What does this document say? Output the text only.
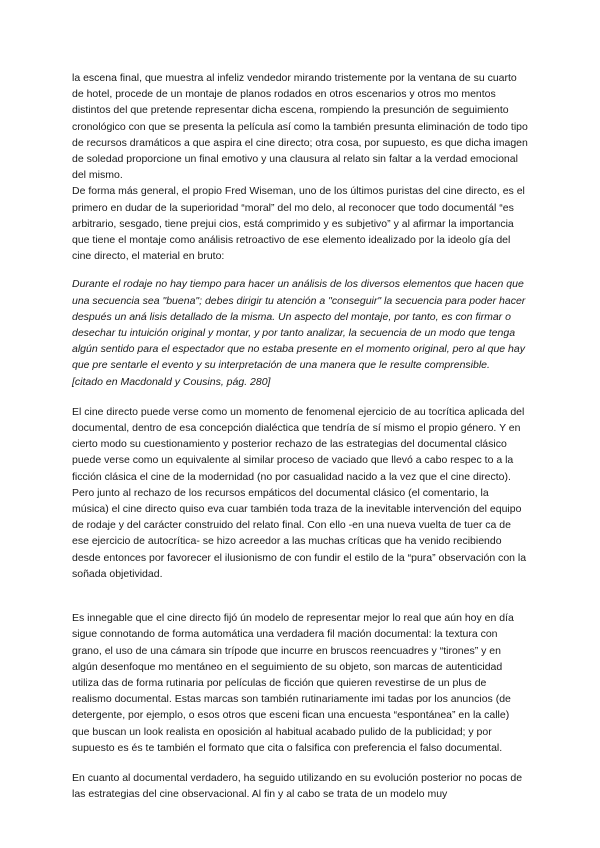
la escena final, que muestra al infeliz vendedor mirando tristemente por la ventana de su cuarto de hotel, procede de un montaje de planos rodados en otros escenarios y otros mo mentos distintos del que pretende representar dicha escena, rompiendo la presunción de seguimiento cronológico con que se presenta la película así como la también presunta eliminación de todo tipo de recursos dramáticos a que aspira el cine directo; otra cosa, por supuesto, es que dicha imagen de soledad proporcione un final emotivo y una clausura al relato sin faltar a la verdad emocional del mismo.

De forma más general, el propio Fred Wiseman, uno de los últimos puristas del cine directo, es el primero en dudar de la superioridad “moral” del mo delo, al reconocer que todo documentál “es arbitrario, sesgado, tiene prejui cios, está comprimido y es subjetivo” y al afirmar la importancia que tiene el montaje como análisis retroactivo de ese elemento idealizado por la ideolo gía del cine directo, el material en bruto:

Durante el rodaje no hay tiempo para hacer un análisis de los diversos elementos que hacen que una secuencia sea "buena"; debes dirigir tu atención a "conseguir" la secuencia para poder hacer después un aná lisis detallado de la misma. Un aspecto del montaje, por tanto, es con firmar o desechar tu intuición original y montar, y por tanto analizar, la secuencia de un modo que tenga algún sentido para el espectador que no estaba presente en el momento original, pero al que hay que pre sentarle el evento y su interpretación de una manera que le resulte comprensible.

[citado en Macdonald y Cousins, pág. 280]

El cine directo puede verse como un momento de fenomenal ejercicio de au tocrítica aplicada del documental, dentro de esa concepción dialéctica que tendría de sí mismo el propio género. Y en cierto modo su cuestionamiento y posterior rechazo de las estrategias del documental clásico puede verse como un equivalente al similar proceso de vaciado que llevó a cabo respec to a la ficción clásica el cine de la modernidad (no por casualidad nacido a la vez que el cine directo). Pero junto al rechazo de los recursos empáticos del documental clásico (el comentario, la música) el cine directo quiso eva cuar también toda traza de la inevitable intervención del equipo de rodaje y del carácter construido del relato final. Con ello -en una nueva vuelta de tuer ca de ese ejercicio de autocrítica- se hizo acreedor a las muchas críticas que ha venido recibiendo desde entonces por favorecer el ilusionismo de con fundir el estilo de la “pura” observación con la soñada objetividad.

Es innegable que el cine directo fijó ún modelo de representar mejor lo real que aún hoy en día sigue connotando de forma automática una verdadera fil mación documental: la textura con grano, el uso de una cámara sin trípode que incurre en bruscos reencuadres y “tirones” y en algún desenfoque mo mentáneo en el seguimiento de su objeto, son marcas de autenticidad utiliza das de forma rutinaria por películas de ficción que quieren revestirse de un plus de realismo documental. Estas marcas son también rutinariamente imi tadas por los anuncios (de detergente, por ejemplo, o esos otros que esceni fican una encuesta “espontánea” en la calle) que buscan un look realista en oposición al habitual acabado pulido de la publicidad; y por supuesto es és te también el formato que cita o falsifica con preferencia el falso documental.

En cuanto al documental verdadero, ha seguido utilizando en su evolución posterior no pocas de las estrategias del cine observacional. Al fin y al cabo se trata de un modelo muy
